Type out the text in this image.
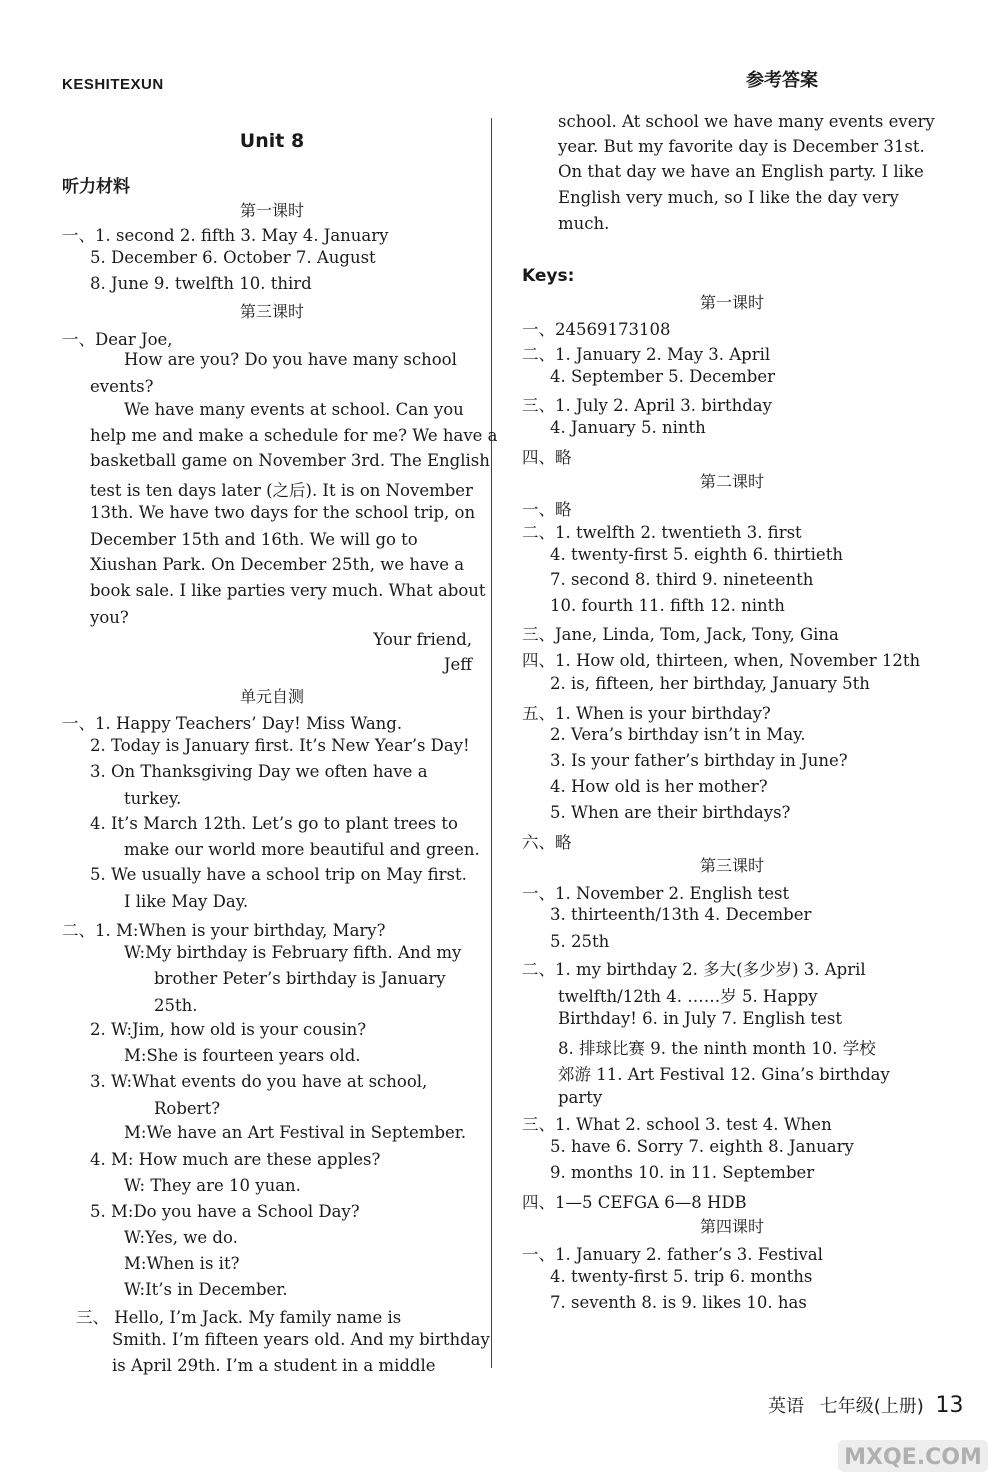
KESHITEXUN	参考答案
Unit 8
听力材料
第一课时
一、1. second 2. fifth 3. May 4. January
5. December 6. October 7. August
8. June 9. twelfth 10. third
第三课时
一、Dear Joe,
How are you? Do you have many school
events?
We have many events at school. Can you
help me and make a schedule for me? We have a
basketball game on November 3rd. The English
test is ten days later (之后). It is on November
13th. We have two days for the school trip, on
December 15th and 16th. We will go to
Xiushan Park. On December 25th, we have a
book sale. I like parties very much. What about
you?
Your friend,
Jeff
单元自测
一、1. Happy Teachers’ Day! Miss Wang.
2. Today is January first. It’s New Year’s Day!
3. On Thanksgiving Day we often have a
turkey.
4. It’s March 12th. Let’s go to plant trees to
make our world more beautiful and green.
5. We usually have a school trip on May first.
I like May Day.
二、1. M:When is your birthday, Mary?
W:My birthday is February fifth. And my
brother Peter’s birthday is January
25th.
2. W:Jim, how old is your cousin?
M:She is fourteen years old.
3. W:What events do you have at school,
Robert?
M:We have an Art Festival in September.
4. M: How much are these apples?
W: They are 10 yuan.
5. M:Do you have a School Day?
W:Yes, we do.
M:When is it?
W:It’s in December.
三、 Hello, I’m Jack. My family name is
Smith. I’m fifteen years old. And my birthday
is April 29th. I’m a student in a middle
school. At school we have many events every
year. But my favorite day is December 31st.
On that day we have an English party. I like
English very much, so I like the day very
much.
Keys:
第一课时
一、24569173108
二、1. January 2. May 3. April
4. September 5. December
三、1. July 2. April 3. birthday
4. January 5. ninth
四、略
第二课时
一、略
二、1. twelfth 2. twentieth 3. first
4. twenty-first 5. eighth 6. thirtieth
7. second 8. third 9. nineteenth
10. fourth 11. fifth 12. ninth
三、Jane, Linda, Tom, Jack, Tony, Gina
四、1. How old, thirteen, when, November 12th
2. is, fifteen, her birthday, January 5th
五、1. When is your birthday?
2. Vera’s birthday isn’t in May.
3. Is your father’s birthday in June?
4. How old is her mother?
5. When are their birthdays?
六、略
第三课时
一、1. November 2. English test
3. thirteenth/13th 4. December
5. 25th
二、1. my birthday 2. 多大(多少岁) 3. April
twelfth/12th 4. ……岁 5. Happy
Birthday! 6. in July 7. English test
8. 排球比赛 9. the ninth month 10. 学校
郊游 11. Art Festival 12. Gina’s birthday
party
三、1. What 2. school 3. test 4. When
5. have 6. Sorry 7. eighth 8. January
9. months 10. in 11. September
四、1—5 CEFGA 6—8 HDB
第四课时
一、1. January 2. father’s 3. Festival
4. twenty-first 5. trip 6. months
7. seventh 8. is 9. likes 10. has
英语 七年级(上册) 13
MXQE.COM
